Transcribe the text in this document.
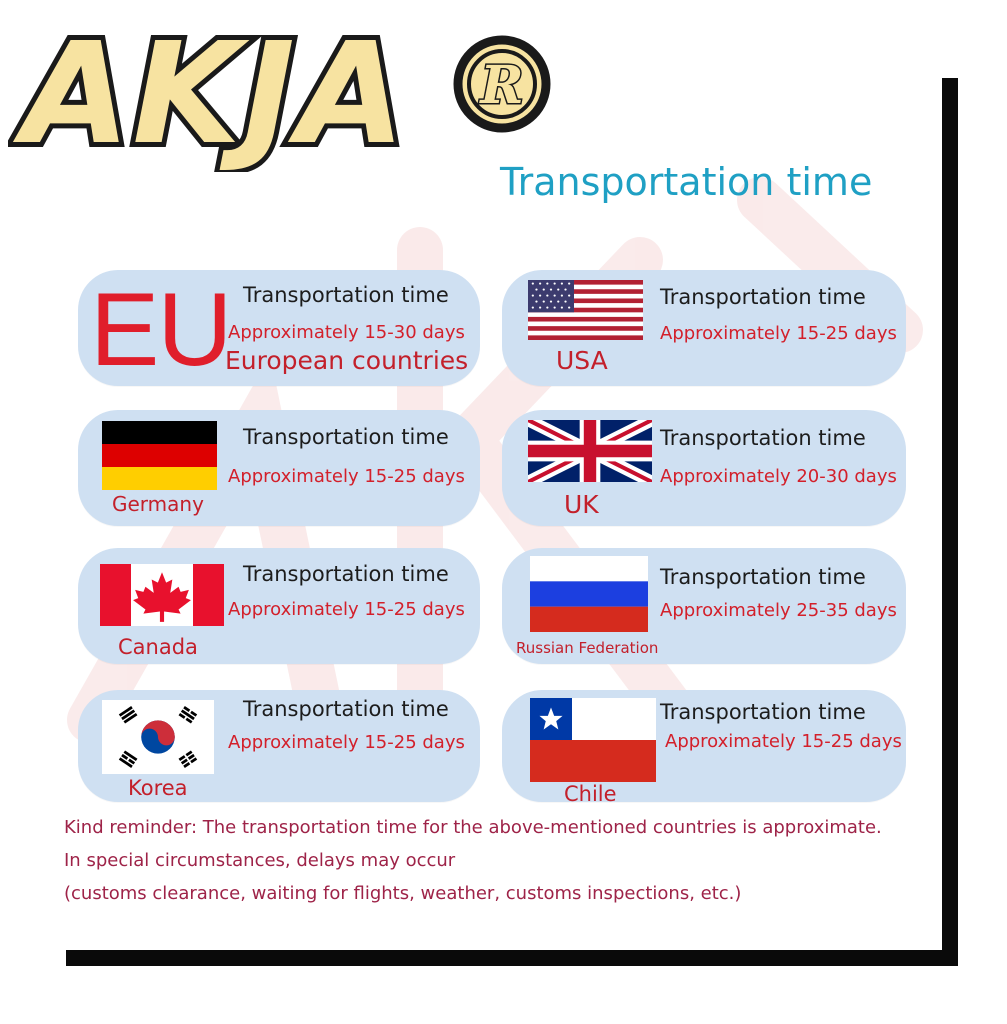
AKJA R
Transportation time
EU Transportation time
Approximately 15-30 days
European countries
Transportation time
Approximately 15-25 days
USA
Transportation time
Approximately 15-25 days
Germany
Transportation time
Approximately 20-30 days
UK
Transportation time
Approximately 15-25 days
Canada
Transportation time
Approximately 25-35 days
Russian Federation
Transportation time
Approximately 15-25 days
Korea
Transportation time
Approximately 15-25 days
Chile
Kind reminder: The transportation time for the above-mentioned countries is approximate.
In special circumstances, delays may occur
(customs clearance, waiting for flights, weather, customs inspections, etc.)
